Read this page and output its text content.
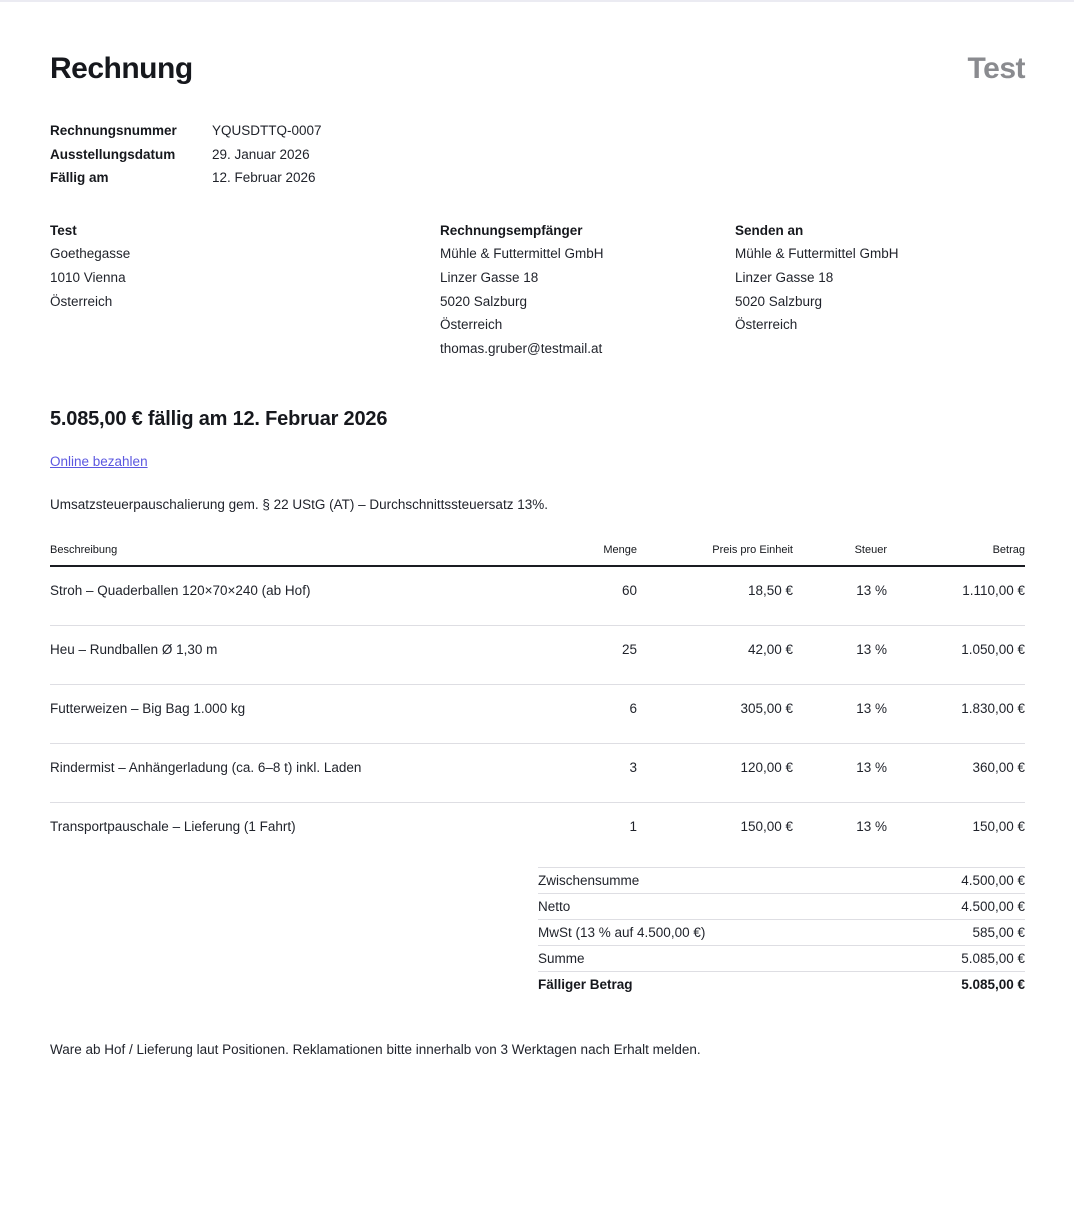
Rechnung	Test
Rechnungsnummer	YQUSDTTQ-0007
Ausstellungsdatum	29. Januar 2026
Fällig am	12. Februar 2026
Test
Goethegasse
1010 Vienna
Österreich
Rechnungsempfänger
Mühle & Futtermittel GmbH
Linzer Gasse 18
5020 Salzburg
Österreich
thomas.gruber@testmail.at
Senden an
Mühle & Futtermittel GmbH
Linzer Gasse 18
5020 Salzburg
Österreich
5.085,00 € fällig am 12. Februar 2026
Online bezahlen
Umsatzsteuerpauschalierung gem. § 22 UStG (AT) – Durchschnittssteuersatz 13%.
Beschreibung	Menge	Preis pro Einheit	Steuer	Betrag
Stroh – Quaderballen 120×70×240 (ab Hof)	60	18,50 €	13 %	1.110,00 €
Heu – Rundballen Ø 1,30 m	25	42,00 €	13 %	1.050,00 €
Futterweizen – Big Bag 1.000 kg	6	305,00 €	13 %	1.830,00 €
Rindermist – Anhängerladung (ca. 6–8 t) inkl. Laden	3	120,00 €	13 %	360,00 €
Transportpauschale – Lieferung (1 Fahrt)	1	150,00 €	13 %	150,00 €
Zwischensumme	4.500,00 €
Netto	4.500,00 €
MwSt (13 % auf 4.500,00 €)	585,00 €
Summe	5.085,00 €
Fälliger Betrag	5.085,00 €
Ware ab Hof / Lieferung laut Positionen. Reklamationen bitte innerhalb von 3 Werktagen nach Erhalt melden.
